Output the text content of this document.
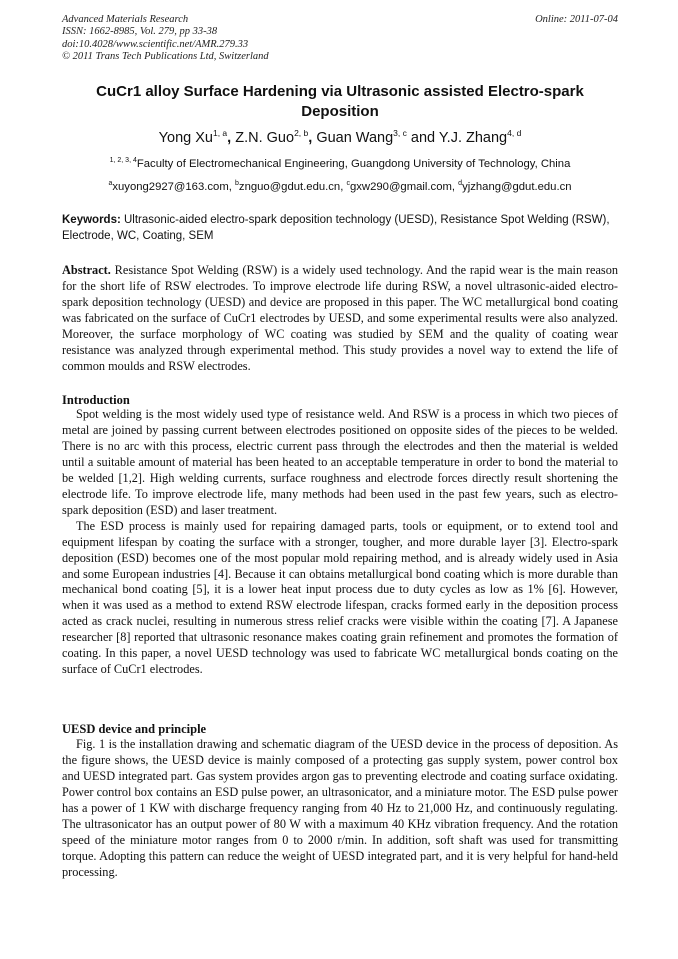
Advanced Materials Research
ISSN: 1662-8985, Vol. 279, pp 33-38
doi:10.4028/www.scientific.net/AMR.279.33
© 2011 Trans Tech Publications Ltd, Switzerland
Online: 2011-07-04
CuCr1 alloy Surface Hardening via Ultrasonic assisted Electro-spark
Deposition
Yong Xu$^{1, a}$, Z.N. Guo$^{2, b}$, Guan Wang$^{3, c}$ and Y.J. Zhang$^{4, d}$
$^{1, 2, 3, 4}$Faculty of Electromechanical Engineering, Guangdong University of Technology, China
$^a$xuyong2927@163.com, $^b$znguo@gdut.edu.cn, $^c$gxw290@gmail.com, $^d$yjzhang@gdut.edu.cn
Keywords: Ultrasonic-aided electro-spark deposition technology (UESD), Resistance Spot Welding (RSW), Electrode, WC, Coating, SEM
Abstract. Resistance Spot Welding (RSW) is a widely used technology. And the rapid wear is the main reason for the short life of RSW electrodes. To improve electrode life during RSW, a novel ultrasonic-aided electro-spark deposition technology (UESD) and device are proposed in this paper. The WC metallurgical bond coating was fabricated on the surface of CuCr1 electrodes by UESD, and some experimental results were also analyzed. Moreover, the surface morphology of WC coating was studied by SEM and the quality of coating wear resistance was analyzed through experimental method. This study provides a novel way to extend the life of common moulds and RSW electrodes.
Introduction

Spot welding is the most widely used type of resistance weld. And RSW is a process in which two pieces of metal are joined by passing current between electrodes positioned on opposite sides of the pieces to be welded. There is no arc with this process, electric current pass through the electrodes and then the material is welded until a suitable amount of material has been heated to an acceptable temperature in order to bond the material to be welded [1,2]. High welding currents, surface roughness and electrode forces directly result shortening the electrode life. To improve electrode life, many methods had been used in the past few years, such as electro-spark deposition (ESD) and laser treatment.

The ESD process is mainly used for repairing damaged parts, tools or equipment, or to extend tool and equipment lifespan by coating the surface with a stronger, tougher, and more durable layer [3]. Electro-spark deposition (ESD) becomes one of the most popular mold repairing method, and is already widely used in Asia and some European industries [4]. Because it can obtains metallurgical bond coating which is more durable than mechanical bond coating [5], it is a lower heat input process due to duty cycles as low as 1% [6]. However, when it was used as a method to extend RSW electrode lifespan, cracks formed early in the deposition process acted as crack nuclei, resulting in numerous stress relief cracks were visible within the coating [7]. A Japanese researcher [8] reported that ultrasonic resonance makes coating grain refinement and promotes the formation of coating. In this paper, a novel UESD technology was used to fabricate WC metallurgical bonds coating on the surface of CuCr1 electrodes.

UESD device and principle

Fig. 1 is the installation drawing and schematic diagram of the UESD device in the process of deposition. As the figure shows, the UESD device is mainly composed of a protecting gas supply system, power control box and UESD integrated part. Gas system provides argon gas to preventing electrode and coating surface oxidating. Power control box contains an ESD pulse power, an ultrasonicator, and a miniature motor. The ESD pulse power has a power of 1 KW with discharge frequency ranging from 40 Hz to 21,000 Hz, and continuously regulating. The ultrasonicator has an output power of 80 W with a maximum 40 KHz vibration frequency. And the rotation speed of the miniature motor ranges from 0 to 2000 r/min. In addition, soft shaft was used for transmitting torque. Adopting this pattern can reduce the weight of UESD integrated part, and it is very helpful for hand-held processing.
